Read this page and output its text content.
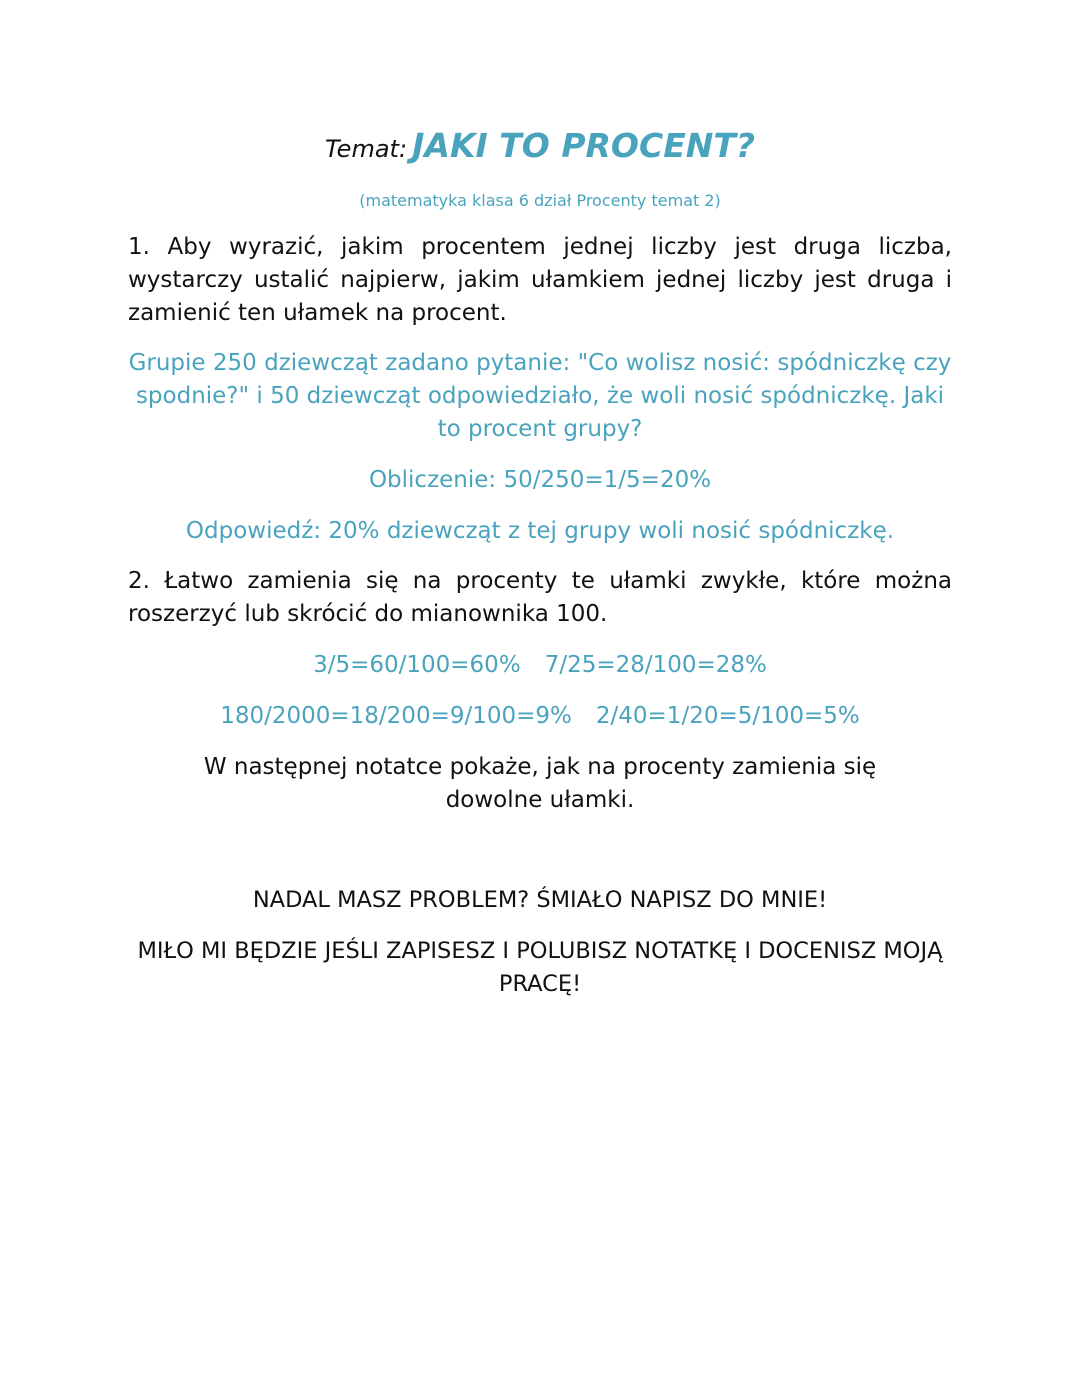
Temat: JAKI TO PROCENT?
(matematyka klasa 6 dział Procenty temat 2)
1. Aby wyrazić, jakim procentem jednej liczby jest druga liczba, wystarczy ustalić najpierw, jakim ułamkiem jednej liczby jest druga i zamienić ten ułamek na procent.
Grupie 250 dziewcząt zadano pytanie: "Co wolisz nosić: spódniczkę czy spodnie?" i 50 dziewcząt odpowiedziało, że woli nosić spódniczkę. Jaki to procent grupy?
Obliczenie: 50/250=1/5=20%
Odpowiedź: 20% dziewcząt z tej grupy woli nosić spódniczkę.
2. Łatwo zamienia się na procenty te ułamki zwykłe, które można roszerzyć lub skrócić do mianownika 100.
3/5=60/100=60% 7/25=28/100=28%
180/2000=18/200=9/100=9% 2/40=1/20=5/100=5%
W następnej notatce pokaże, jak na procenty zamienia się dowolne ułamki.
NADAL MASZ PROBLEM? ŚMIAŁO NAPISZ DO MNIE!
MIŁO MI BĘDZIE JEŚLI ZAPISESZ I POLUBISZ NOTATKĘ I DOCENISZ MOJĄ PRACĘ!
